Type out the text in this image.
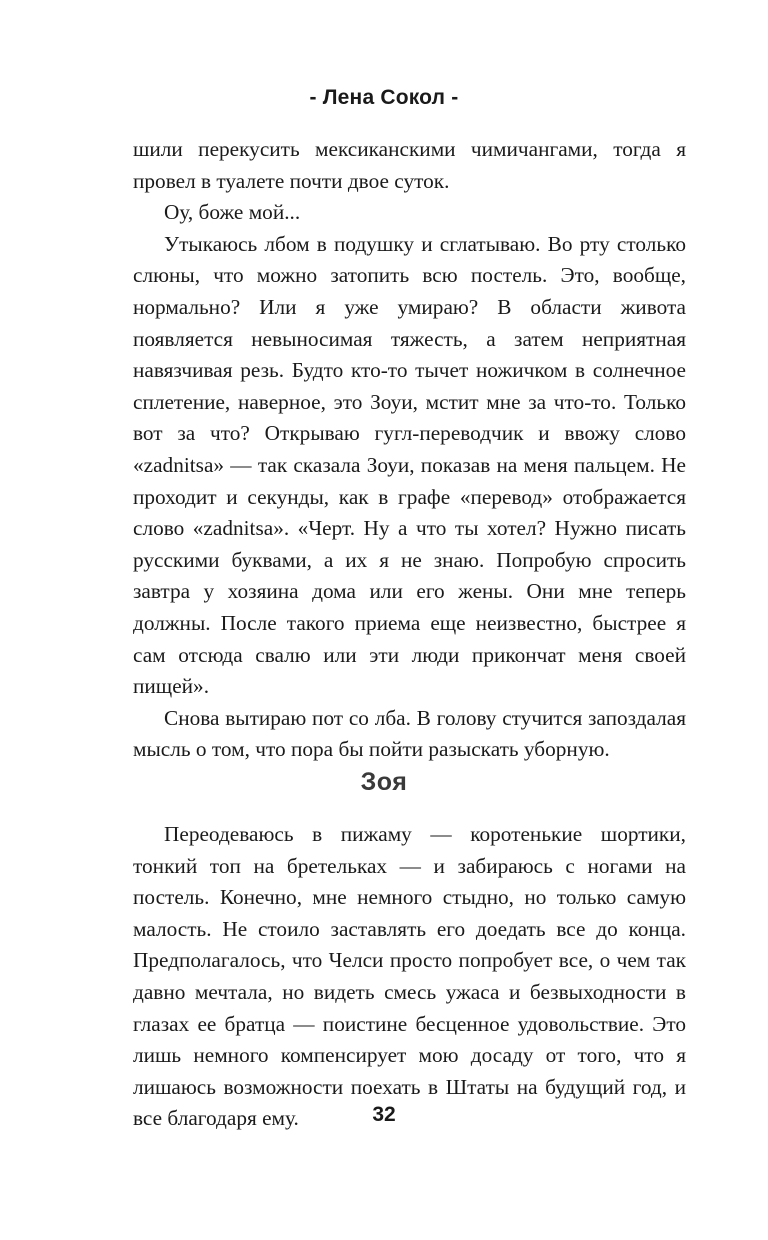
- Лена Сокол -

шили перекусить мексиканскими чимичангами, тогда я провел в туалете почти двое суток.

Оу, боже мой...

Утыкаюсь лбом в подушку и сглатываю. Во рту столько слюны, что можно затопить всю постель. Это, вообще, нормально? Или я уже умираю? В области живота появляется невыносимая тяжесть, а затем неприятная навязчивая резь. Будто кто-то тычет ножичком в солнечное сплетение, наверное, это Зоуи, мстит мне за что-то. Только вот за что? Открываю гугл-переводчик и ввожу слово «zadnitsa» — так сказала Зоуи, показав на меня пальцем. Не проходит и секунды, как в графе «перевод» отображается слово «zadnitsa». «Черт. Ну а что ты хотел? Нужно писать русскими буквами, а их я не знаю. Попробую спросить завтра у хозяина дома или его жены. Они мне теперь должны. После такого приема еще неизвестно, быстрее я сам отсюда свалю или эти люди прикончат меня своей пищей».

Снова вытираю пот со лба. В голову стучится запоздалая мысль о том, что пора бы пойти разыскать уборную.

Зоя

Переодеваюсь в пижаму — коротенькие шортики, тонкий топ на бретельках — и забираюсь с ногами на постель. Конечно, мне немного стыдно, но только самую малость. Не стоило заставлять его доедать все до конца. Предполагалось, что Челси просто попробует все, о чем так давно мечтала, но видеть смесь ужаса и безвыходности в глазах ее братца — поистине бесценное удовольствие. Это лишь немного компенсирует мою досаду от того, что я лишаюсь возможности поехать в Штаты на будущий год, и все благодаря ему.	32
